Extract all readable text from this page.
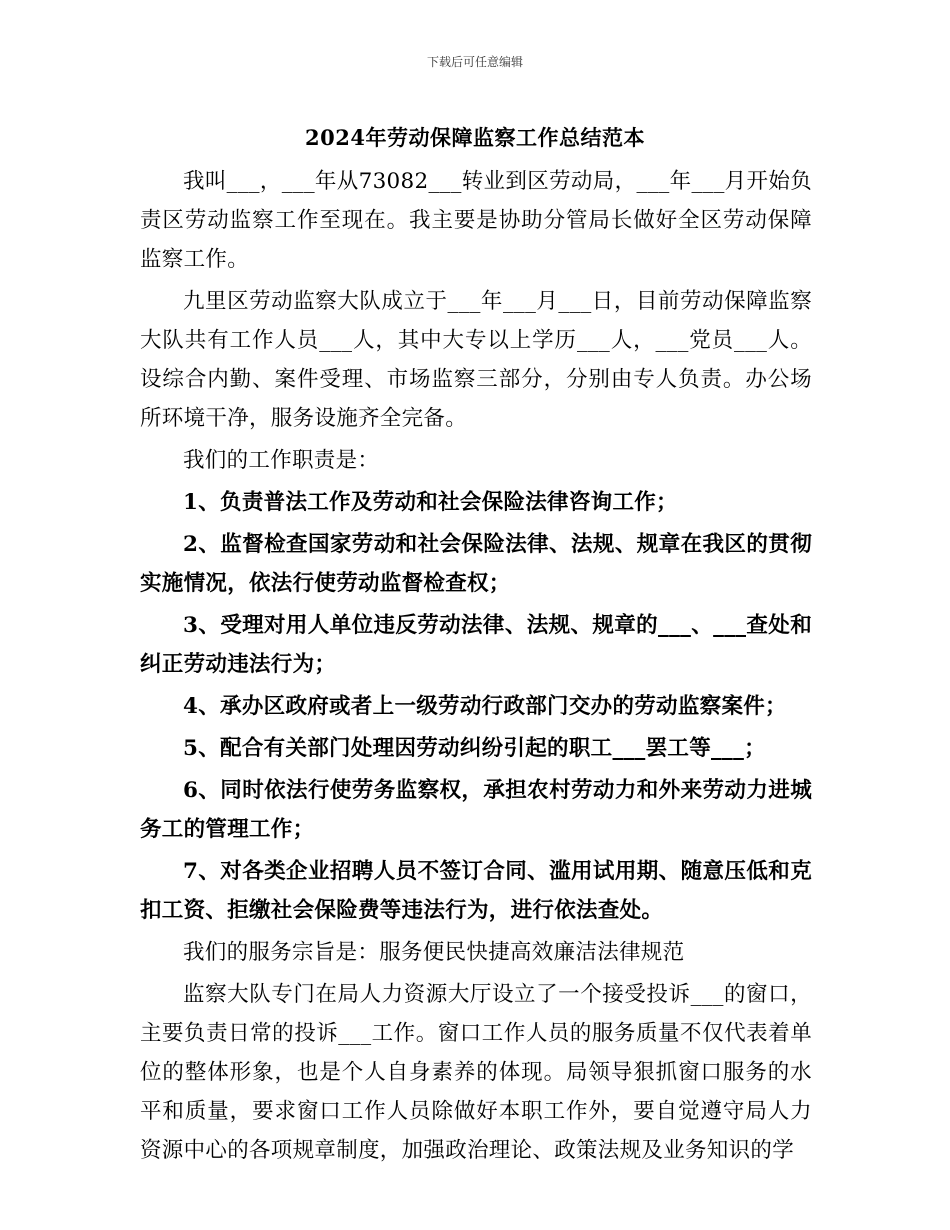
下载后可任意编辑
2024年劳动保障监察工作总结范本

我叫___，___年从73082___转业到区劳动局，___年___月开始负责区劳动监察工作至现在。我主要是协助分管局长做好全区劳动保障监察工作。

九里区劳动监察大队成立于___年___月___日，目前劳动保障监察大队共有工作人员___人，其中大专以上学历___人，___党员___人。设综合内勤、案件受理、市场监察三部分，分别由专人负责。办公场所环境干净，服务设施齐全完备。

我们的工作职责是：

1、负责普法工作及劳动和社会保险法律咨询工作；

2、监督检查国家劳动和社会保险法律、法规、规章在我区的贯彻实施情况，依法行使劳动监督检查权；

3、受理对用人单位违反劳动法律、法规、规章的___、___查处和纠正劳动违法行为；

4、承办区政府或者上一级劳动行政部门交办的劳动监察案件；

5、配合有关部门处理因劳动纠纷引起的职工___罢工等___；

6、同时依法行使劳务监察权，承担农村劳动力和外来劳动力进城务工的管理工作；

7、对各类企业招聘人员不签订合同、滥用试用期、随意压低和克扣工资、拒缴社会保险费等违法行为，进行依法查处。

我们的服务宗旨是：服务便民快捷高效廉洁法律规范

监察大队专门在局人力资源大厅设立了一个接受投诉___的窗口，主要负责日常的投诉___工作。窗口工作人员的服务质量不仅代表着单位的整体形象，也是个人自身素养的体现。局领导狠抓窗口服务的水平和质量，要求窗口工作人员除做好本职工作外，要自觉遵守局人力资源中心的各项规章制度，加强政治理论、政策法规及业务知识的学
